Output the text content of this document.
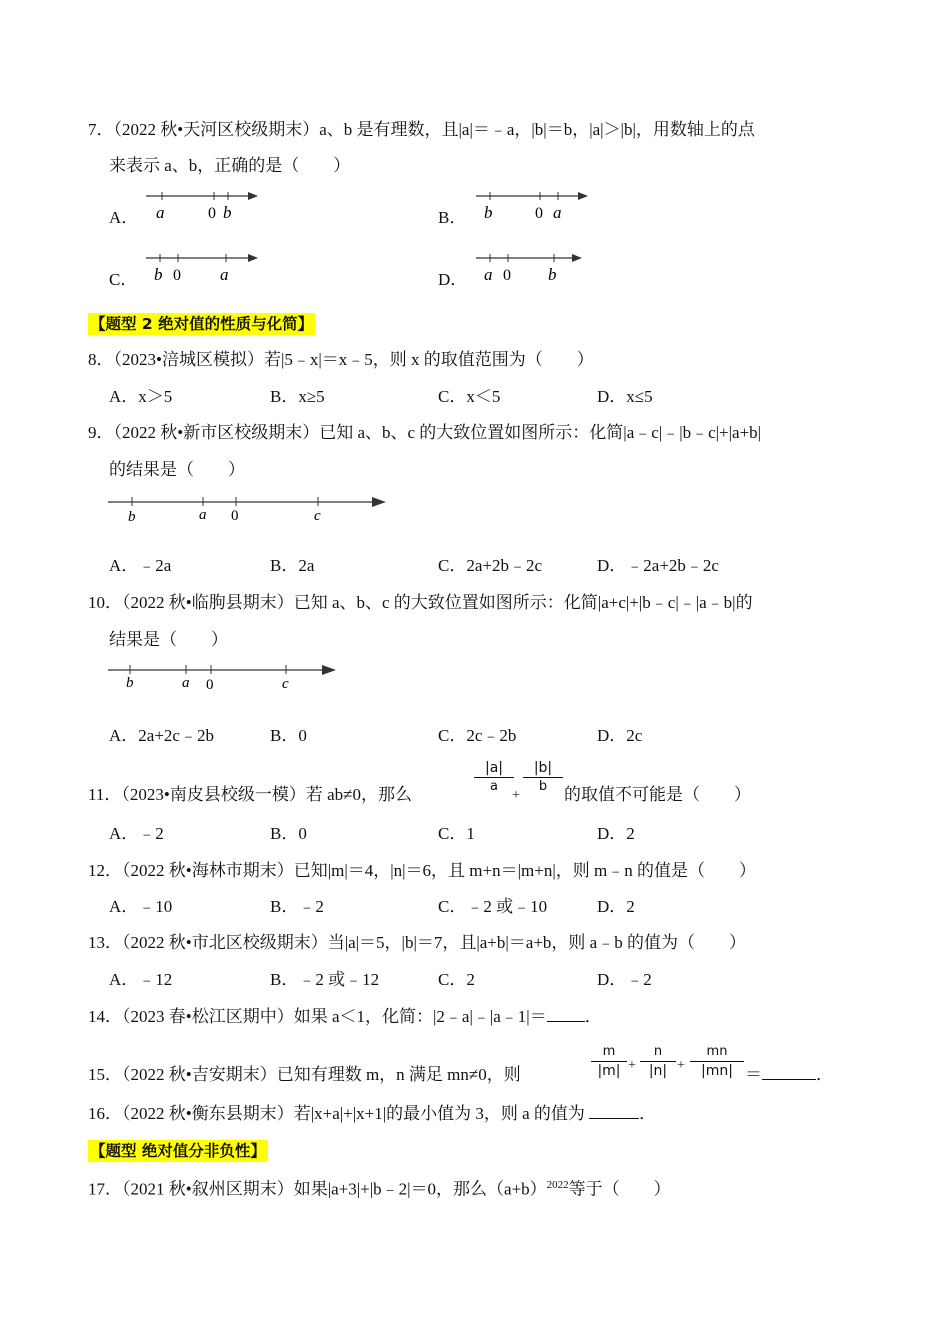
7．（2022 秋•天河区校级期末）a、b 是有理数，且|a|＝﹣a，|b|＝b，|a|＞|b|，用数轴上的点
来表示 a、b，正确的是（　　）
A． a	0 b	B． b	0 a
C． b 0 a	D． a 0 b
【题型 2 绝对值的性质与化简】
8．（2023•涪城区模拟）若|5﹣x|＝x﹣5，则 x 的取值范围为（　　）
A．x＞5	B．x≥5	C．x＜5	D．x≤5
9．（2022 秋•新市区校级期末）已知 a、b、c 的大致位置如图所示：化简|a﹣c|﹣|b﹣c|+|a+b|
的结果是（　　）
b	a 0	c
A．﹣2a	B．2a	C．2a+2b﹣2c	D．﹣2a+2b﹣2c
10．（2022 秋•临朐县期末）已知 a、b、c 的大致位置如图所示：化简|a+c|+|b﹣c|﹣|a﹣b|的
结果是（　　）
b	a 0	c
A．2a+2c﹣2b	B．0	C．2c﹣2b	D．2c
11．（2023•南皮县校级一模）若 ab≠0，那么	$\frac{|a|}{a}$
+ $\frac{|b|}{b}$ 的取值不可能是（　　）
A．﹣2	B．0	C．1	D．2
12．（2022 秋•海林市期末）已知|m|＝4，|n|＝6，且 m+n＝|m+n|，则 m﹣n 的值是（　　）
A．﹣10	B．﹣2	C．﹣2 或﹣10	D．2
13．（2022 秋•市北区校级期末）当|a|＝5，|b|＝7，且|a+b|＝a+b，则 a﹣b 的值为（　　）
A．﹣12	B．﹣2 或﹣12	C．2	D．﹣2
14．（2023 春•松江区期中）如果 a＜1，化简：|2﹣a|﹣|a﹣1|＝ ．
15．（2022 秋•吉安期末）已知有理数 m，n 满足 mn≠0，则	$\frac{m}{|m|} + \frac{n}{|n|} + \frac{mn}{|mn|}$ ＝	．
16．（2022 秋•衡东县期末）若|x+a|+|x+1|的最小值为 3，则 a 的值为	．
【题型 绝对值分非负性】
17．（2021 秋•叙州区期末）如果|a+3|+|b﹣2|＝0，那么$(a+b)^{2022}$等于（　　）
